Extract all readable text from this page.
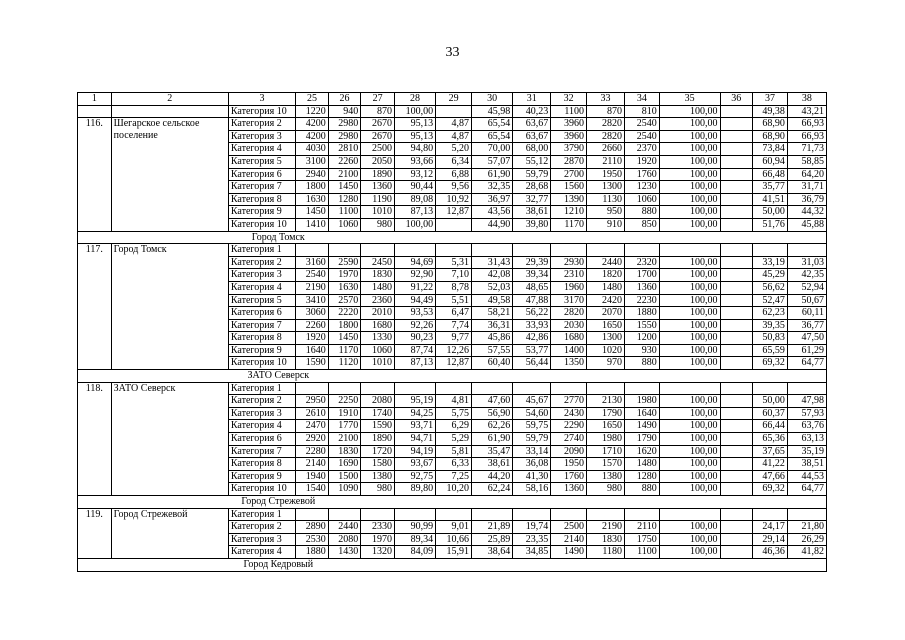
33
1	2	3	25	26	27	28	29	30	31	32	33	34	35	36	37	38
		Категория 10	1220	940	870	100,00		45,98	40,23	1100	870	810	100,00		49,38	43,21
116.	Шегарское сельское поселение	Категория 2	4200	2980	2670	95,13	4,87	65,54	63,67	3960	2820	2540	100,00		68,90	66,93
		Категория 3	4200	2980	2670	95,13	4,87	65,54	63,67	3960	2820	2540	100,00		68,90	66,93
		Категория 4	4030	2810	2500	94,80	5,20	70,00	68,00	3790	2660	2370	100,00		73,84	71,73
		Категория 5	3100	2260	2050	93,66	6,34	57,07	55,12	2870	2110	1920	100,00		60,94	58,85
		Категория 6	2940	2100	1890	93,12	6,88	61,90	59,79	2700	1950	1760	100,00		66,48	64,20
		Категория 7	1800	1450	1360	90,44	9,56	32,35	28,68	1560	1300	1230	100,00		35,77	31,71
		Категория 8	1630	1280	1190	89,08	10,92	36,97	32,77	1390	1130	1060	100,00		41,51	36,79
		Категория 9	1450	1100	1010	87,13	12,87	43,56	38,61	1210	950	880	100,00		50,00	44,32
		Категория 10	1410	1060	980	100,00		44,90	39,80	1170	910	850	100,00		51,76	45,88
		Город Томск														
117.	Город Томск	Категория 1														
		Категория 2	3160	2590	2450	94,69	5,31	31,43	29,39	2930	2440	2320	100,00		33,19	31,03
		Категория 3	2540	1970	1830	92,90	7,10	42,08	39,34	2310	1820	1700	100,00		45,29	42,35
		Категория 4	2190	1630	1480	91,22	8,78	52,03	48,65	1960	1480	1360	100,00		56,62	52,94
		Категория 5	3410	2570	2360	94,49	5,51	49,58	47,88	3170	2420	2230	100,00		52,47	50,67
		Категория 6	3060	2220	2010	93,53	6,47	58,21	56,22	2820	2070	1880	100,00		62,23	60,11
		Категория 7	2260	1800	1680	92,26	7,74	36,31	33,93	2030	1650	1550	100,00		39,35	36,77
		Категория 8	1920	1450	1330	90,23	9,77	45,86	42,86	1680	1300	1200	100,00		50,83	47,50
		Категория 9	1640	1170	1060	87,74	12,26	57,55	53,77	1400	1020	930	100,00		65,59	61,29
		Категория 10	1590	1120	1010	87,13	12,87	60,40	56,44	1350	970	880	100,00		69,32	64,77
		ЗАТО Северск														
118.	ЗАТО Северск	Категория 1														
		Категория 2	2950	2250	2080	95,19	4,81	47,60	45,67	2770	2130	1980	100,00		50,00	47,98
		Категория 3	2610	1910	1740	94,25	5,75	56,90	54,60	2430	1790	1640	100,00		60,37	57,93
		Категория 4	2470	1770	1590	93,71	6,29	62,26	59,75	2290	1650	1490	100,00		66,44	63,76
		Категория 6	2920	2100	1890	94,71	5,29	61,90	59,79	2740	1980	1790	100,00		65,36	63,13
		Категория 7	2280	1830	1720	94,19	5,81	35,47	33,14	2090	1710	1620	100,00		37,65	35,19
		Категория 8	2140	1690	1580	93,67	6,33	38,61	36,08	1950	1570	1480	100,00		41,22	38,51
		Категория 9	1940	1500	1380	92,75	7,25	44,20	41,30	1760	1380	1280	100,00		47,66	44,53
		Категория 10	1540	1090	980	89,80	10,20	62,24	58,16	1360	980	880	100,00		69,32	64,77
		Город Стрежевой														
119.	Город Стрежевой	Категория 1														
		Категория 2	2890	2440	2330	90,99	9,01	21,89	19,74	2500	2190	2110	100,00		24,17	21,80
		Категория 3	2530	2080	1970	89,34	10,66	25,89	23,35	2140	1830	1750	100,00		29,14	26,29
		Категория 4	1880	1430	1320	84,09	15,91	38,64	34,85	1490	1180	1100	100,00		46,36	41,82
		Город Кедровый														
